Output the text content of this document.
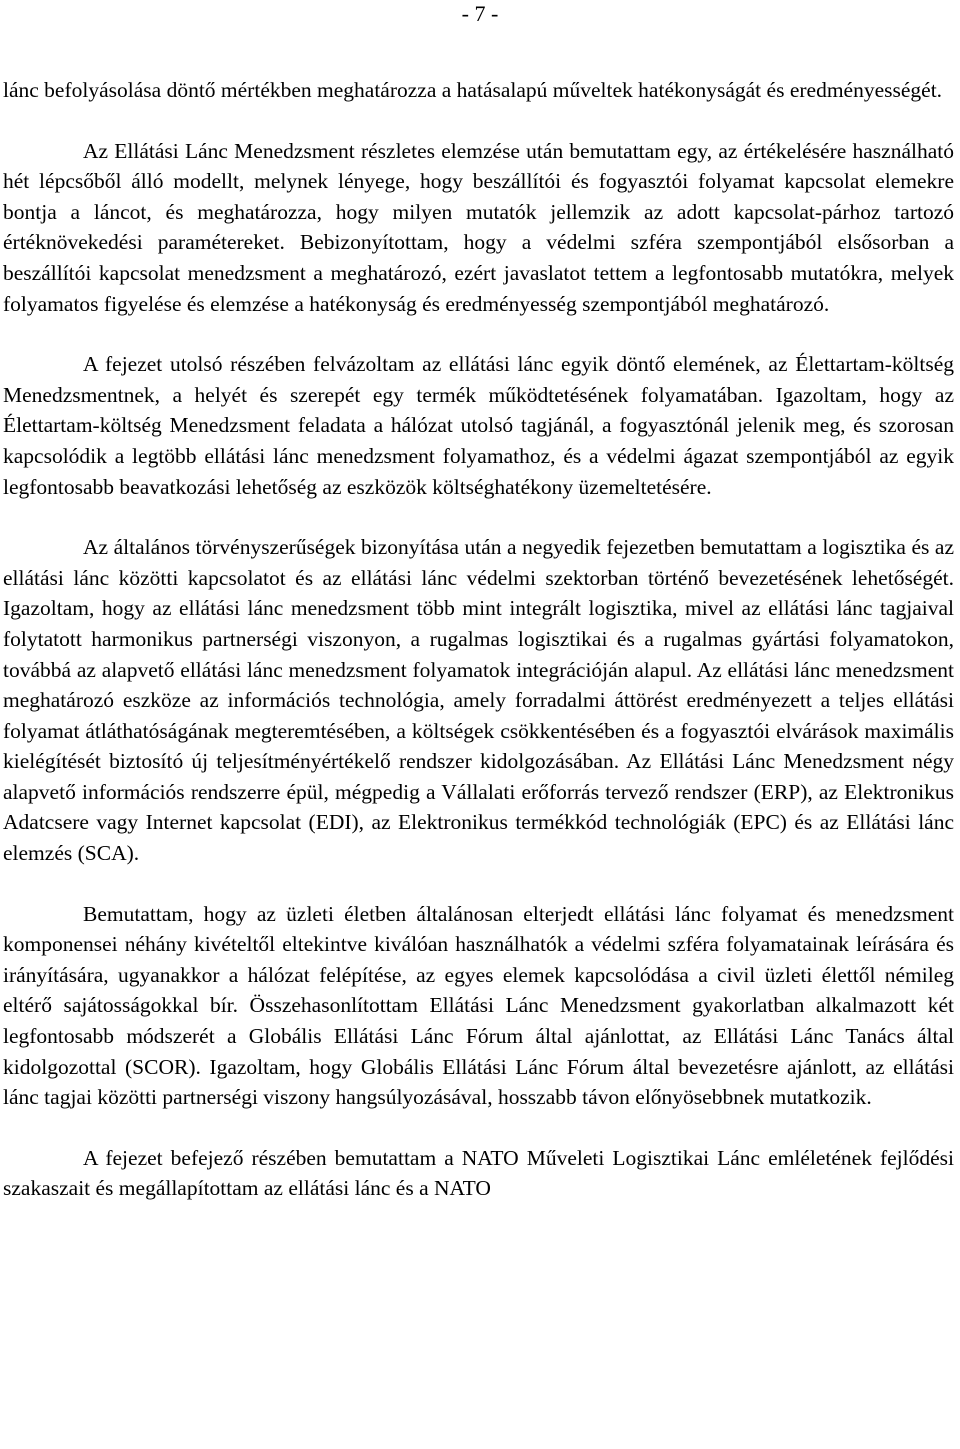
- 7 -

lánc befolyásolása döntő mértékben meghatározza a hatásalapú műveltek hatékonyságát és eredményességét.

Az Ellátási Lánc Menedzsment részletes elemzése után bemutattam egy, az értékelésére használható hét lépcsőből álló modellt, melynek lényege, hogy beszállítói és fogyasztói folyamat kapcsolat elemekre bontja a láncot, és meghatározza, hogy milyen mutatók jellemzik az adott kapcsolat-párhoz tartozó értéknövekedési paramétereket. Bebizonyítottam, hogy a védelmi szféra szempontjából elsősorban a beszállítói kapcsolat menedzsment a meghatározó, ezért javaslatot tettem a legfontosabb mutatókra, melyek folyamatos figyelése és elemzése a hatékonyság és eredményesség szempontjából meghatározó.

A fejezet utolsó részében felvázoltam az ellátási lánc egyik döntő elemének, az Élettartam-költség Menedzsmentnek, a helyét és szerepét egy termék működtetésének folyamatában. Igazoltam, hogy az Élettartam-költség Menedzsment feladata a hálózat utolsó tagjánál, a fogyasztónál jelenik meg, és szorosan kapcsolódik a legtöbb ellátási lánc menedzsment folyamathoz, és a védelmi ágazat szempontjából az egyik legfontosabb beavatkozási lehetőség az eszközök költséghatékony üzemeltetésére.

Az általános törvényszerűségek bizonyítása után a negyedik fejezetben bemutattam a logisztika és az ellátási lánc közötti kapcsolatot és az ellátási lánc védelmi szektorban történő bevezetésének lehetőségét. Igazoltam, hogy az ellátási lánc menedzsment több mint integrált logisztika, mivel az ellátási lánc tagjaival folytatott harmonikus partnerségi viszonyon, a rugalmas logisztikai és a rugalmas gyártási folyamatokon, továbbá az alapvető ellátási lánc menedzsment folyamatok integrációján alapul. Az ellátási lánc menedzsment meghatározó eszköze az információs technológia, amely forradalmi áttörést eredményezett a teljes ellátási folyamat átláthatóságának megteremtésében, a költségek csökkentésében és a fogyasztói elvárások maximális kielégítését biztosító új teljesítményértékelő rendszer kidolgozásában. Az Ellátási Lánc Menedzsment négy alapvető információs rendszerre épül, mégpedig a Vállalati erőforrás tervező rendszer (ERP), az Elektronikus Adatcsere vagy Internet kapcsolat (EDI), az Elektronikus termékkód technológiák (EPC) és az Ellátási lánc elemzés (SCA).

Bemutattam, hogy az üzleti életben általánosan elterjedt ellátási lánc folyamat és menedzsment komponensei néhány kivételtől eltekintve kiválóan használhatók a védelmi szféra folyamatainak leírására és irányítására, ugyanakkor a hálózat felépítése, az egyes elemek kapcsolódása a civil üzleti élettől némileg eltérő sajátosságokkal bír. Összehasonlítottam Ellátási Lánc Menedzsment gyakorlatban alkalmazott két legfontosabb módszerét a Globális Ellátási Lánc Fórum által ajánlottat, az Ellátási Lánc Tanács által kidolgozottal (SCOR). Igazoltam, hogy Globális Ellátási Lánc Fórum által bevezetésre ajánlott, az ellátási lánc tagjai közötti partnerségi viszony hangsúlyozásával, hosszabb távon előnyösebbnek mutatkozik.

A fejezet befejező részében bemutattam a NATO Műveleti Logisztikai Lánc emléletének fejlődési szakaszait és megállapítottam az ellátási lánc és a NATO
